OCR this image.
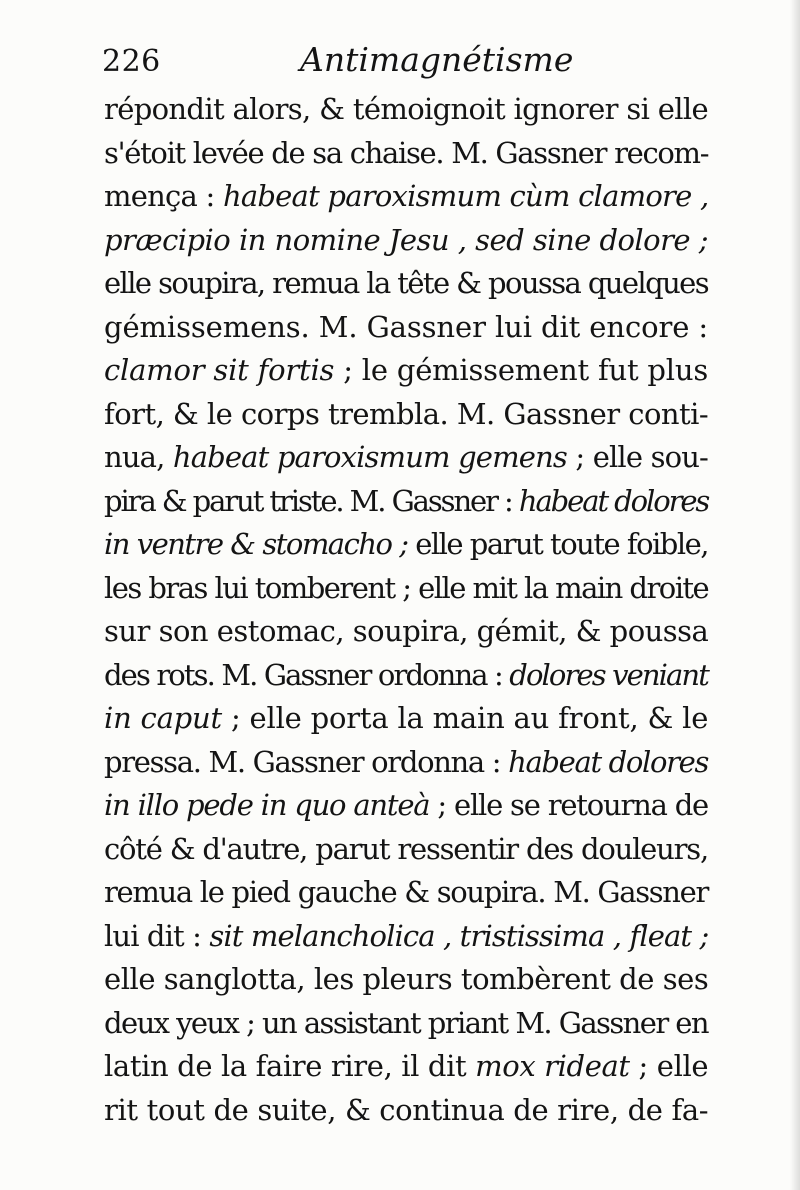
226	Antimagnétisme
répondit alors, & témoignoit ignorer si elle
s'étoit levée de sa chaise. M. Gassner recom-
mença : habeat paroxismum cùm clamore ,
præcipio in nomine Jesu , sed sine dolore ;
elle soupira, remua la tête & poussa quelques
gémissemens. M. Gassner lui dit encore :
clamor sit fortis ; le gémissement fut plus
fort, & le corps trembla. M. Gassner conti-
nua, habeat paroxismum gemens ; elle sou-
pira & parut triste. M. Gassner : habeat dolores
in ventre & stomacho ; elle parut toute foible,
les bras lui tomberent ; elle mit la main droite
sur son estomac, soupira, gémit, & poussa
des rots. M. Gassner ordonna : dolores veniant
in caput ; elle porta la main au front, & le
pressa. M. Gassner ordonna : habeat dolores
in illo pede in quo anteà ; elle se retourna de
côté & d'autre, parut ressentir des douleurs,
remua le pied gauche & soupira. M. Gassner
lui dit : sit melancholica , tristissima , fleat ;
elle sanglotta, les pleurs tombèrent de ses
deux yeux ; un assistant priant M. Gassner en
latin de la faire rire, il dit mox rideat ; elle
rit tout de suite, & continua de rire, de fa-
